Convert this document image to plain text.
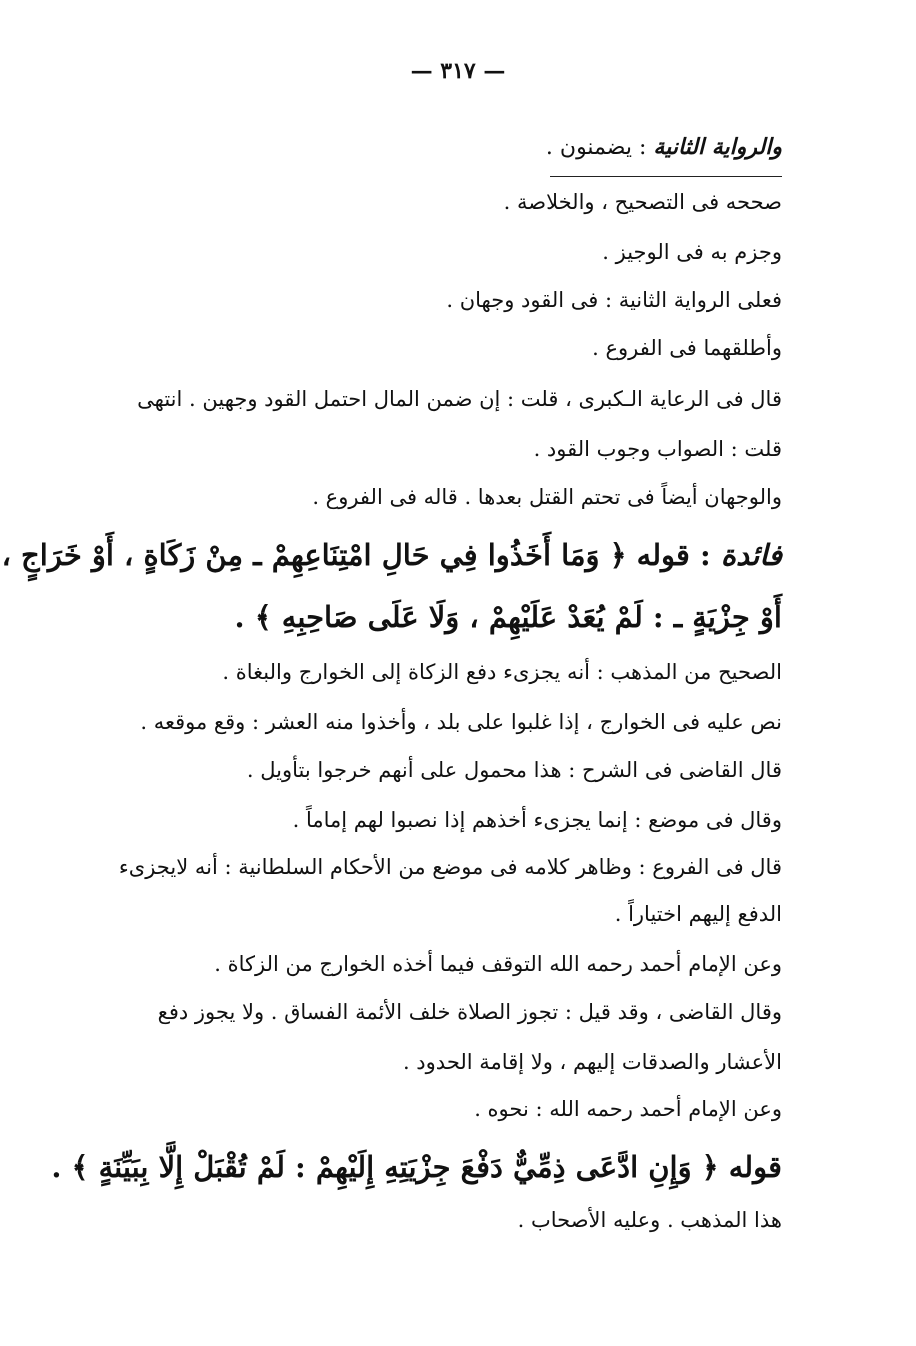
— ٣١٧ —
والرواية الثانية : يضمنون .
صححه فى التصحيح ، والخلاصة .
وجزم به فى الوجيز .
فعلى الرواية الثانية : فى القود وجهان .
وأطلقهما فى الفروع .
قال فى الرعاية الـكبرى ، قلت : إن ضمن المال احتمل القود وجهين . انتهى
قلت : الصواب وجوب القود .
والوجهان أيضاً فى تحتم القتل بعدها . قاله فى الفروع .
فائدة : قوله ﴿ وَمَا أَخَذُوا فِي حَالِ امْتِنَاعِهِمْ ـ مِنْ زَكَاةٍ ، أَوْ خَرَاجٍ ،
أَوْ جِزْيَةٍ ـ : لَمْ يُعَدْ عَلَيْهِمْ ، وَلَا عَلَى صَاحِبِهِ ﴾ .
الصحيح من المذهب : أنه يجزىء دفع الزكاة إلى الخوارج والبغاة .
نص عليه فى الخوارج ، إذا غلبوا على بلد ، وأخذوا منه العشر : وقع موقعه .
قال القاضى فى الشرح : هذا محمول على أنهم خرجوا بتأويل .
وقال فى موضع : إنما يجزىء أخذهم إذا نصبوا لهم إماماً .
قال فى الفروع : وظاهر كلامه فى موضع من الأحكام السلطانية : أنه لايجزىء
الدفع إليهم اختياراً .
وعن الإمام أحمد رحمه الله التوقف فيما أخذه الخوارج من الزكاة .
وقال القاضى ، وقد قيل : تجوز الصلاة خلف الأئمة الفساق . ولا يجوز دفع
الأعشار والصدقات إليهم ، ولا إقامة الحدود .
وعن الإمام أحمد رحمه الله : نحوه .
قوله ﴿ وَإِنِ ادَّعَى ذِمِّيٌّ دَفْعَ جِزْيَتِهِ إِلَيْهِمْ : لَمْ تُقْبَلْ إِلَّا بِبَيِّنَةٍ ﴾ .
هذا المذهب . وعليه الأصحاب .
